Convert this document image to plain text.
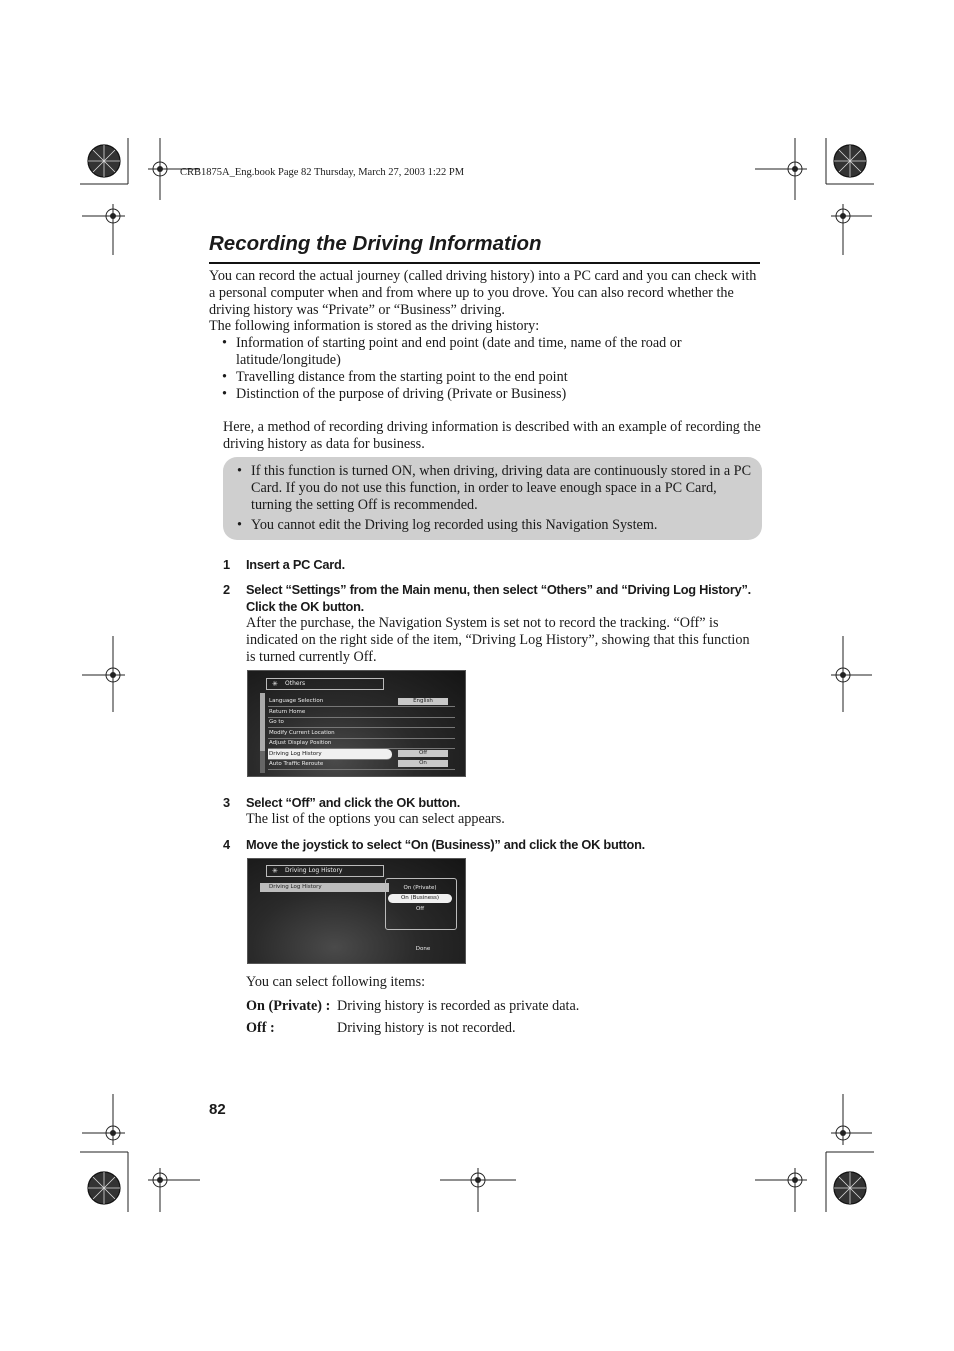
CRB1875A_Eng.book Page 82 Thursday, March 27, 2003 1:22 PM
Recording the Driving Information
You can record the actual journey (called driving history) into a PC card and you can check with a personal computer when and from where up to you drove. You can also record whether the driving history was “Private” or “Business” driving.
The following information is stored as the driving history:
• Information of starting point and end point (date and time, name of the road or latitude/longitude)
• Travelling distance from the starting point to the end point
• Distinction of the purpose of driving (Private or Business)
Here, a method of recording driving information is described with an example of recording the driving history as data for business.
• If this function is turned ON, when driving, driving data are continuously stored in a PC Card. If you do not use this function, in order to leave enough space in a PC Card, turning the setting Off is recommended.
• You cannot edit the Driving log recorded using this Navigation System.
1 Insert a PC Card.
2 Select “Settings” from the Main menu, then select “Others” and “Driving Log History”. Click the OK button.
After the purchase, the Navigation System is set not to record the tracking. “Off” is indicated on the right side of the item, “Driving Log History”, showing that this function is turned currently Off.
✳ Others
Language Selection	English
Return Home
Go to
Modify Current Location
Adjust Display Position
Driving Log History	Off
Auto Traffic Reroute	On
3 Select “Off” and click the OK button.
The list of the options you can select appears.
4 Move the joystick to select “On (Business)” and click the OK button.
✳ Driving Log History
Driving Log History	On (Private)
On (Business)
Off
Done
You can select following items:
On (Private) : Driving history is recorded as private data.
Off :	Driving history is not recorded.
82
